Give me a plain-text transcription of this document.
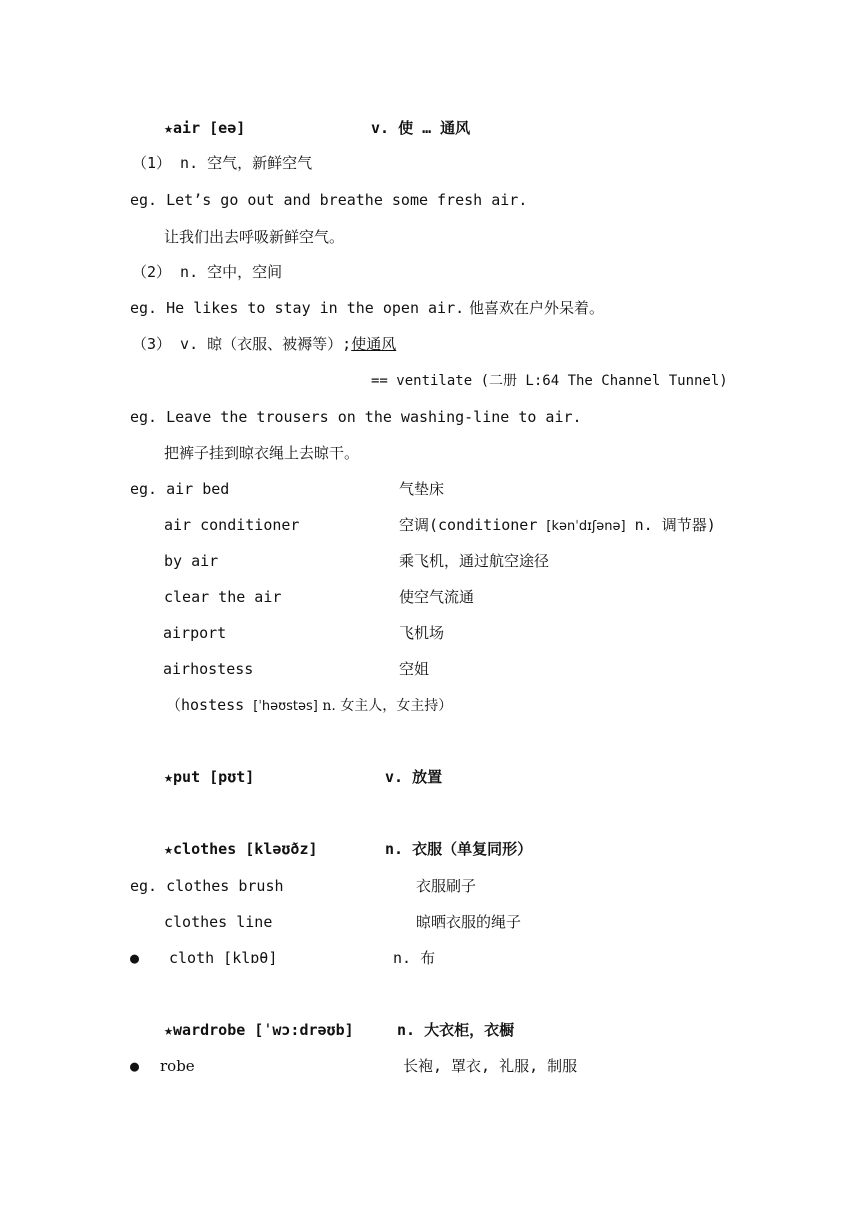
★air [eə]	v. 使 … 通风
（1） n. 空气，新鲜空气
eg. Let’s go out and breathe some fresh air.
让我们出去呼吸新鲜空气。
（2） n. 空中，空间
eg. He likes to stay in the open air. 他喜欢在户外呆着。
（3） v. 晾（衣服、被褥等）;使通风
== ventilate (二册 L:64 The Channel Tunnel)
eg. Leave the trousers on the washing-line to air.
把裤子挂到晾衣绳上去晾干。
eg. air bed	气垫床
air conditioner	空调(conditioner [kənˈdɪʃənə] n. 调节器)
by air	乘飞机，通过航空途径
clear the air	使空气流通
airport	飞机场
airhostess	空姐
（hostess [ˈhəʊstəs] n. 女主人，女主持）
★put [pʊt]	v. 放置
★clothes [kləʊðz]	n. 衣服（单复同形）
eg. clothes brush	衣服刷子
clothes line	晾晒衣服的绳子
● cloth [klɒθ]	n. 布
★wardrobe [ˈwɔ:drəʊb]	n. 大衣柜，衣橱
● robe	长袍, 罩衣, 礼服, 制服
